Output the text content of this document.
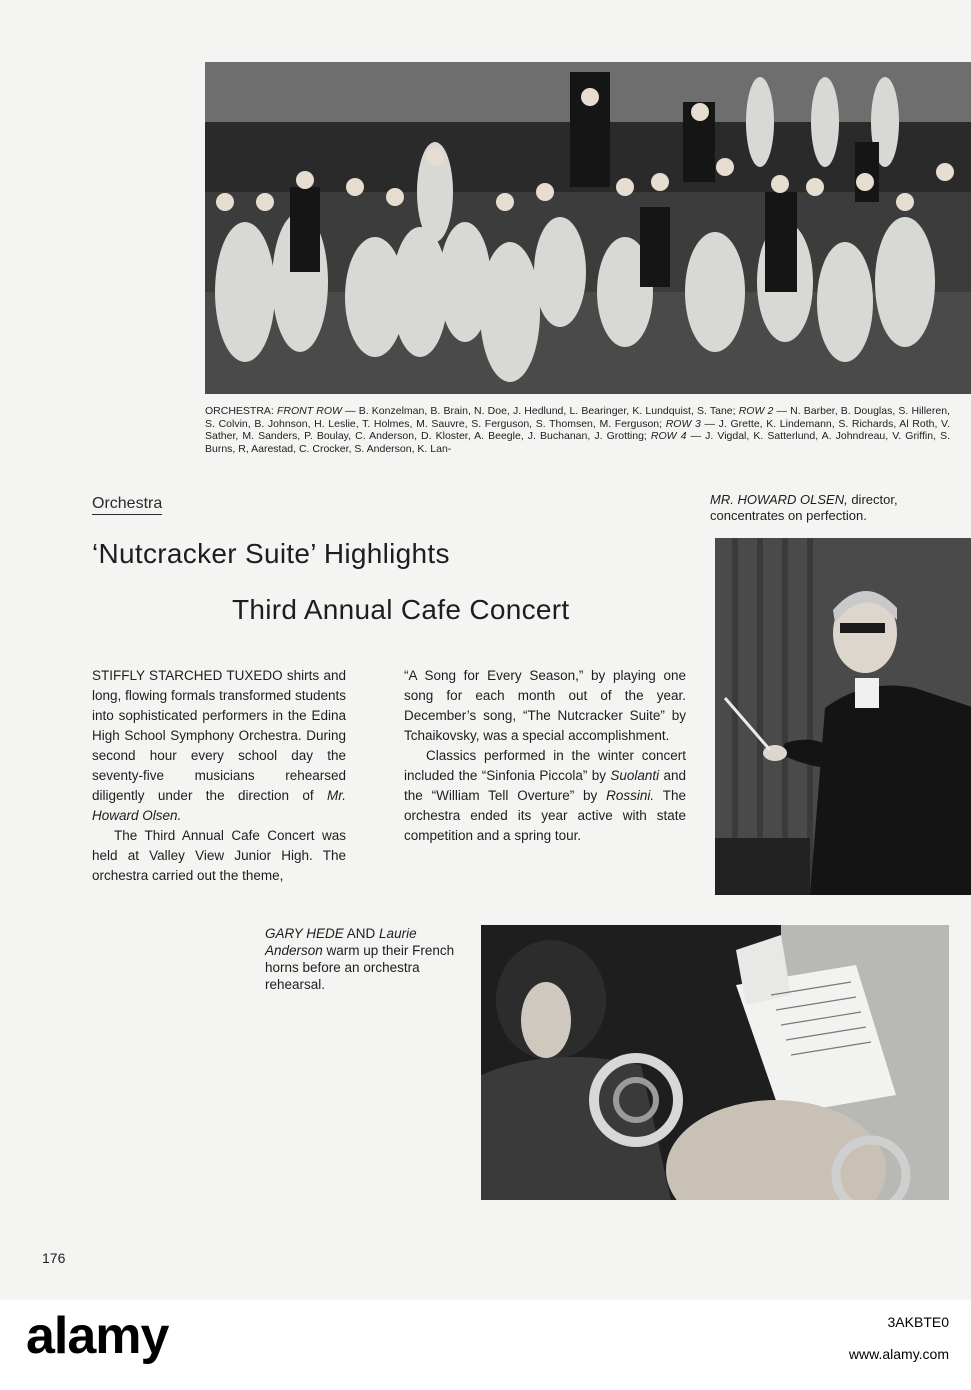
ORCHESTRA: FRONT ROW — B. Konzelman, B. Brain, N. Doe, J. Hedlund, L. Bearinger, K. Lundquist, S. Tane; ROW 2 — N. Barber, B. Douglas, S. Hilleren, S. Colvin, B. Johnson, H. Leslie, T. Holmes, M. Sauvre, S. Ferguson, S. Thomsen, M. Ferguson; ROW 3 — J. Grette, K. Lindemann, S. Richards, Al Roth, V. Sather, M. Sanders, P. Boulay, C. Anderson, D. Kloster, A. Beegle, J. Buchanan, J. Grotting; ROW 4 — J. Vigdal, K. Satterlund, A. Johndreau, V. Griffin, S. Burns, R, Aarestad, C. Crocker, S. Anderson, K. Lan-
Orchestra	MR. HOWARD OLSEN, director,
concentrates on perfection.
‘Nutcracker Suite’ Highlights
Third Annual Cafe Concert

STIFFLY STARCHED TUXEDO shirts and long, flowing formals transformed students into sophisticated performers in the Edina High School Symphony Orchestra. During second hour every school day the seventy-five musicians rehearsed diligently under the direction of Mr. Howard Olsen.

The Third Annual Cafe Concert was held at Valley View Junior High. The orchestra carried out the theme,

“A Song for Every Season,” by playing one song for each month out of the year. December’s song, “The Nutcracker Suite” by Tchaikovsky, was a special accomplishment.

Classics performed in the winter concert included the “Sinfonia Piccola” by Suolanti and the “William Tell Overture” by Rossini. The orchestra ended its year active with state competition and a spring tour.

GARY HEDE AND Laurie Anderson warm up their French horns before an orchestra rehearsal.
176
alamy	3AKBTE0
www.alamy.com
